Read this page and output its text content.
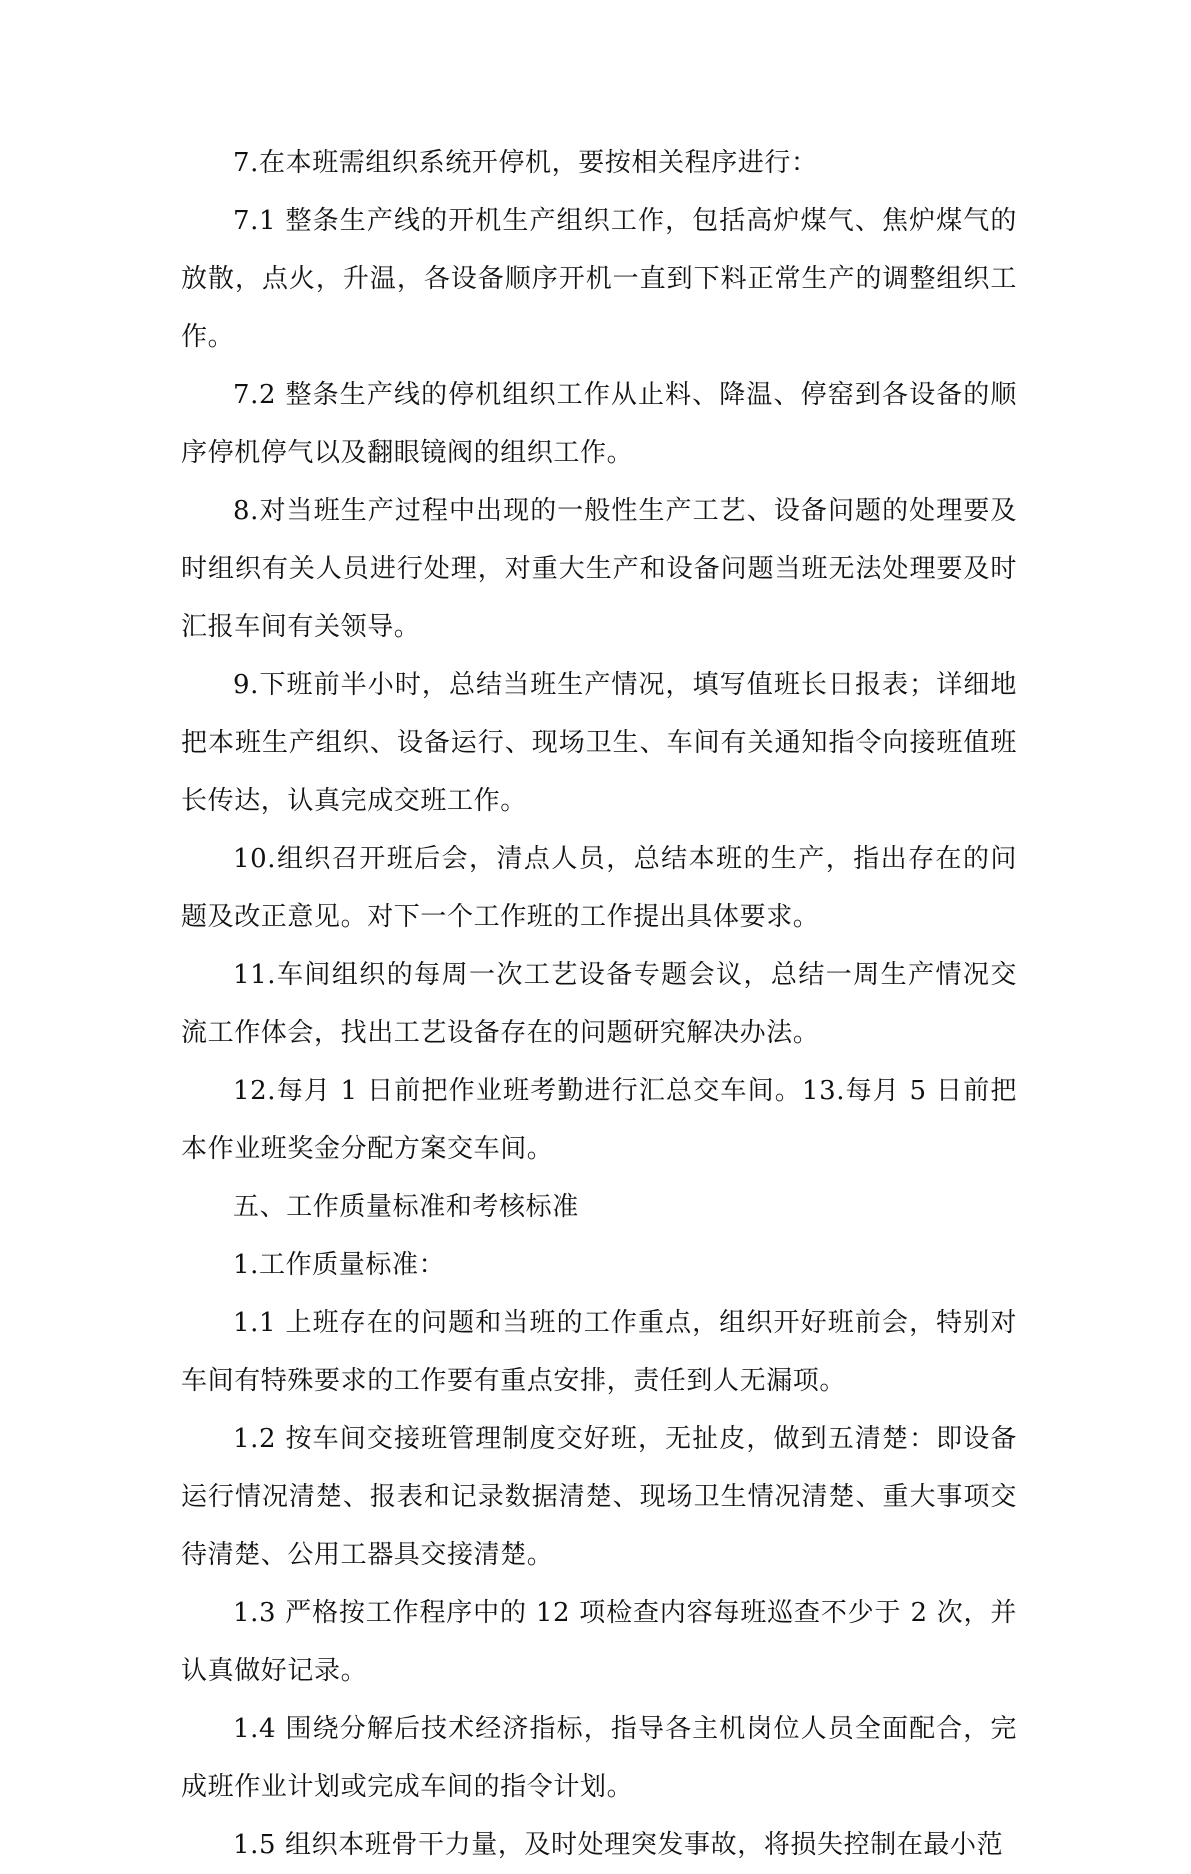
7.在本班需组织系统开停机，要按相关程序进行：

7.1 整条生产线的开机生产组织工作，包括高炉煤气、焦炉煤气的放散，点火，升温，各设备顺序开机一直到下料正常生产的调整组织工作。

7.2 整条生产线的停机组织工作从止料、降温、停窑到各设备的顺序停机停气以及翻眼镜阀的组织工作。

8.对当班生产过程中出现的一般性生产工艺、设备问题的处理要及时组织有关人员进行处理，对重大生产和设备问题当班无法处理要及时汇报车间有关领导。

9.下班前半小时，总结当班生产情况，填写值班长日报表；详细地把本班生产组织、设备运行、现场卫生、车间有关通知指令向接班值班长传达，认真完成交班工作。

10.组织召开班后会，清点人员，总结本班的生产，指出存在的问题及改正意见。对下一个工作班的工作提出具体要求。

11.车间组织的每周一次工艺设备专题会议，总结一周生产情况交流工作体会，找出工艺设备存在的问题研究解决办法。

12.每月 1 日前把作业班考勤进行汇总交车间。13.每月 5 日前把本作业班奖金分配方案交车间。

五、工作质量标准和考核标准

1.工作质量标准：

1.1 上班存在的问题和当班的工作重点，组织开好班前会，特别对车间有特殊要求的工作要有重点安排，责任到人无漏项。

1.2 按车间交接班管理制度交好班，无扯皮，做到五清楚：即设备运行情况清楚、报表和记录数据清楚、现场卫生情况清楚、重大事项交待清楚、公用工器具交接清楚。

1.3 严格按工作程序中的 12 项检查内容每班巡查不少于 2 次，并认真做好记录。

1.4 围绕分解后技术经济指标，指导各主机岗位人员全面配合，完成班作业计划或完成车间的指令计划。

1.5 组织本班骨干力量，及时处理突发事故，将损失控制在最小范
